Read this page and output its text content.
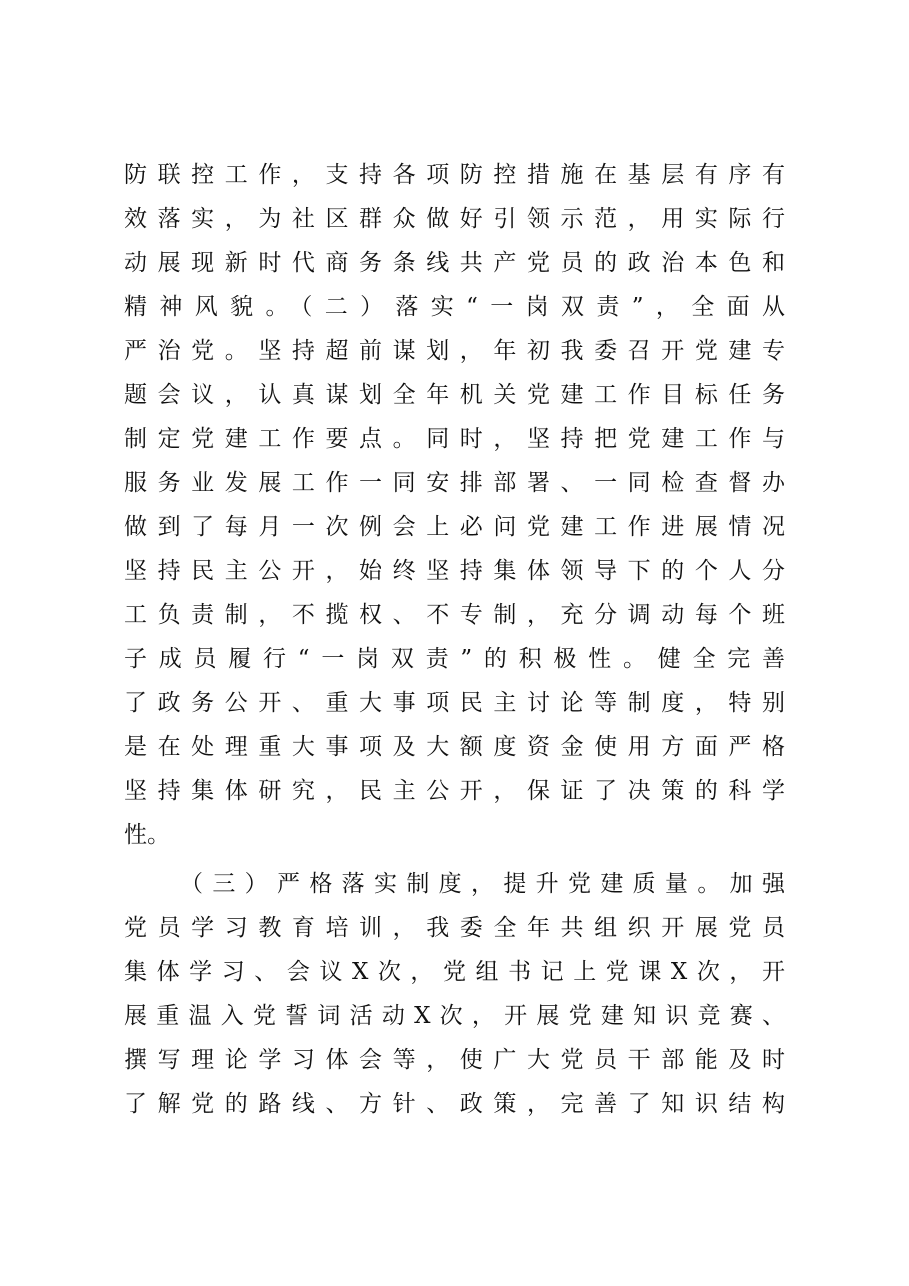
防联控工作，支持各项防控措施在基层有序有
效落实，为社区群众做好引领示范，用实际行
动展现新时代商务条线共产党员的政治本色和
精神风貌。（二）落实“一岗双责”，全面从
严治党。坚持超前谋划，年初我委召开党建专
题会议，认真谋划全年机关党建工作目标任务
制定党建工作要点。同时，坚持把党建工作与
服务业发展工作一同安排部署、一同检查督办
做到了每月一次例会上必问党建工作进展情况
坚持民主公开，始终坚持集体领导下的个人分
工负责制，不揽权、不专制，充分调动每个班
子成员履行“一岗双责”的积极性。健全完善
了政务公开、重大事项民主讨论等制度，特别
是在处理重大事项及大额度资金使用方面严格
坚持集体研究，民主公开，保证了决策的科学
性。
（三）严格落实制度，提升党建质量。加强
党员学习教育培训，我委全年共组织开展党员
集体学习、会议X次，党组书记上党课X次，开
展重温入党誓词活动X次，开展党建知识竞赛、
撰写理论学习体会等，使广大党员干部能及时
了解党的路线、方针、政策，完善了知识结构
